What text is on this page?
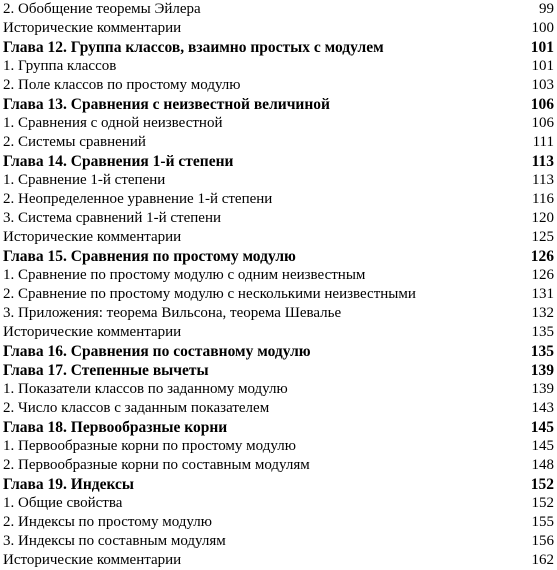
2. Обобщение теоремы Эйлера	99
Исторические комментарии	100
Глава 12. Группа классов, взаимно простых с модулем	101
1. Группа классов	101
2. Поле классов по простому модулю	103
Глава 13. Сравнения с неизвестной величиной	106
1. Сравнения с одной неизвестной	106
2. Системы сравнений	111
Глава 14. Сравнения 1-й степени	113
1. Сравнение 1-й степени	113
2. Неопределенное уравнение 1-й степени	116
3. Система сравнений 1-й степени	120
Исторические комментарии	125
Глава 15. Сравнения по простому модулю	126
1. Сравнение по простому модулю с одним неизвестным	126
2. Сравнение по простому модулю с несколькими неизвестными	131
3. Приложения: теорема Вильсона, теорема Шевалье	132
Исторические комментарии	135
Глава 16. Сравнения по составному модулю	135
Глава 17. Степенные вычеты	139
1. Показатели классов по заданному модулю	139
2. Число классов с заданным показателем	143
Глава 18. Первообразные корни	145
1. Первообразные корни по простому модулю	145
2. Первообразные корни по составным модулям	148
Глава 19. Индексы	152
1. Общие свойства	152
2. Индексы по простому модулю	155
3. Индексы по составным модулям	156
Исторические комментарии	162
